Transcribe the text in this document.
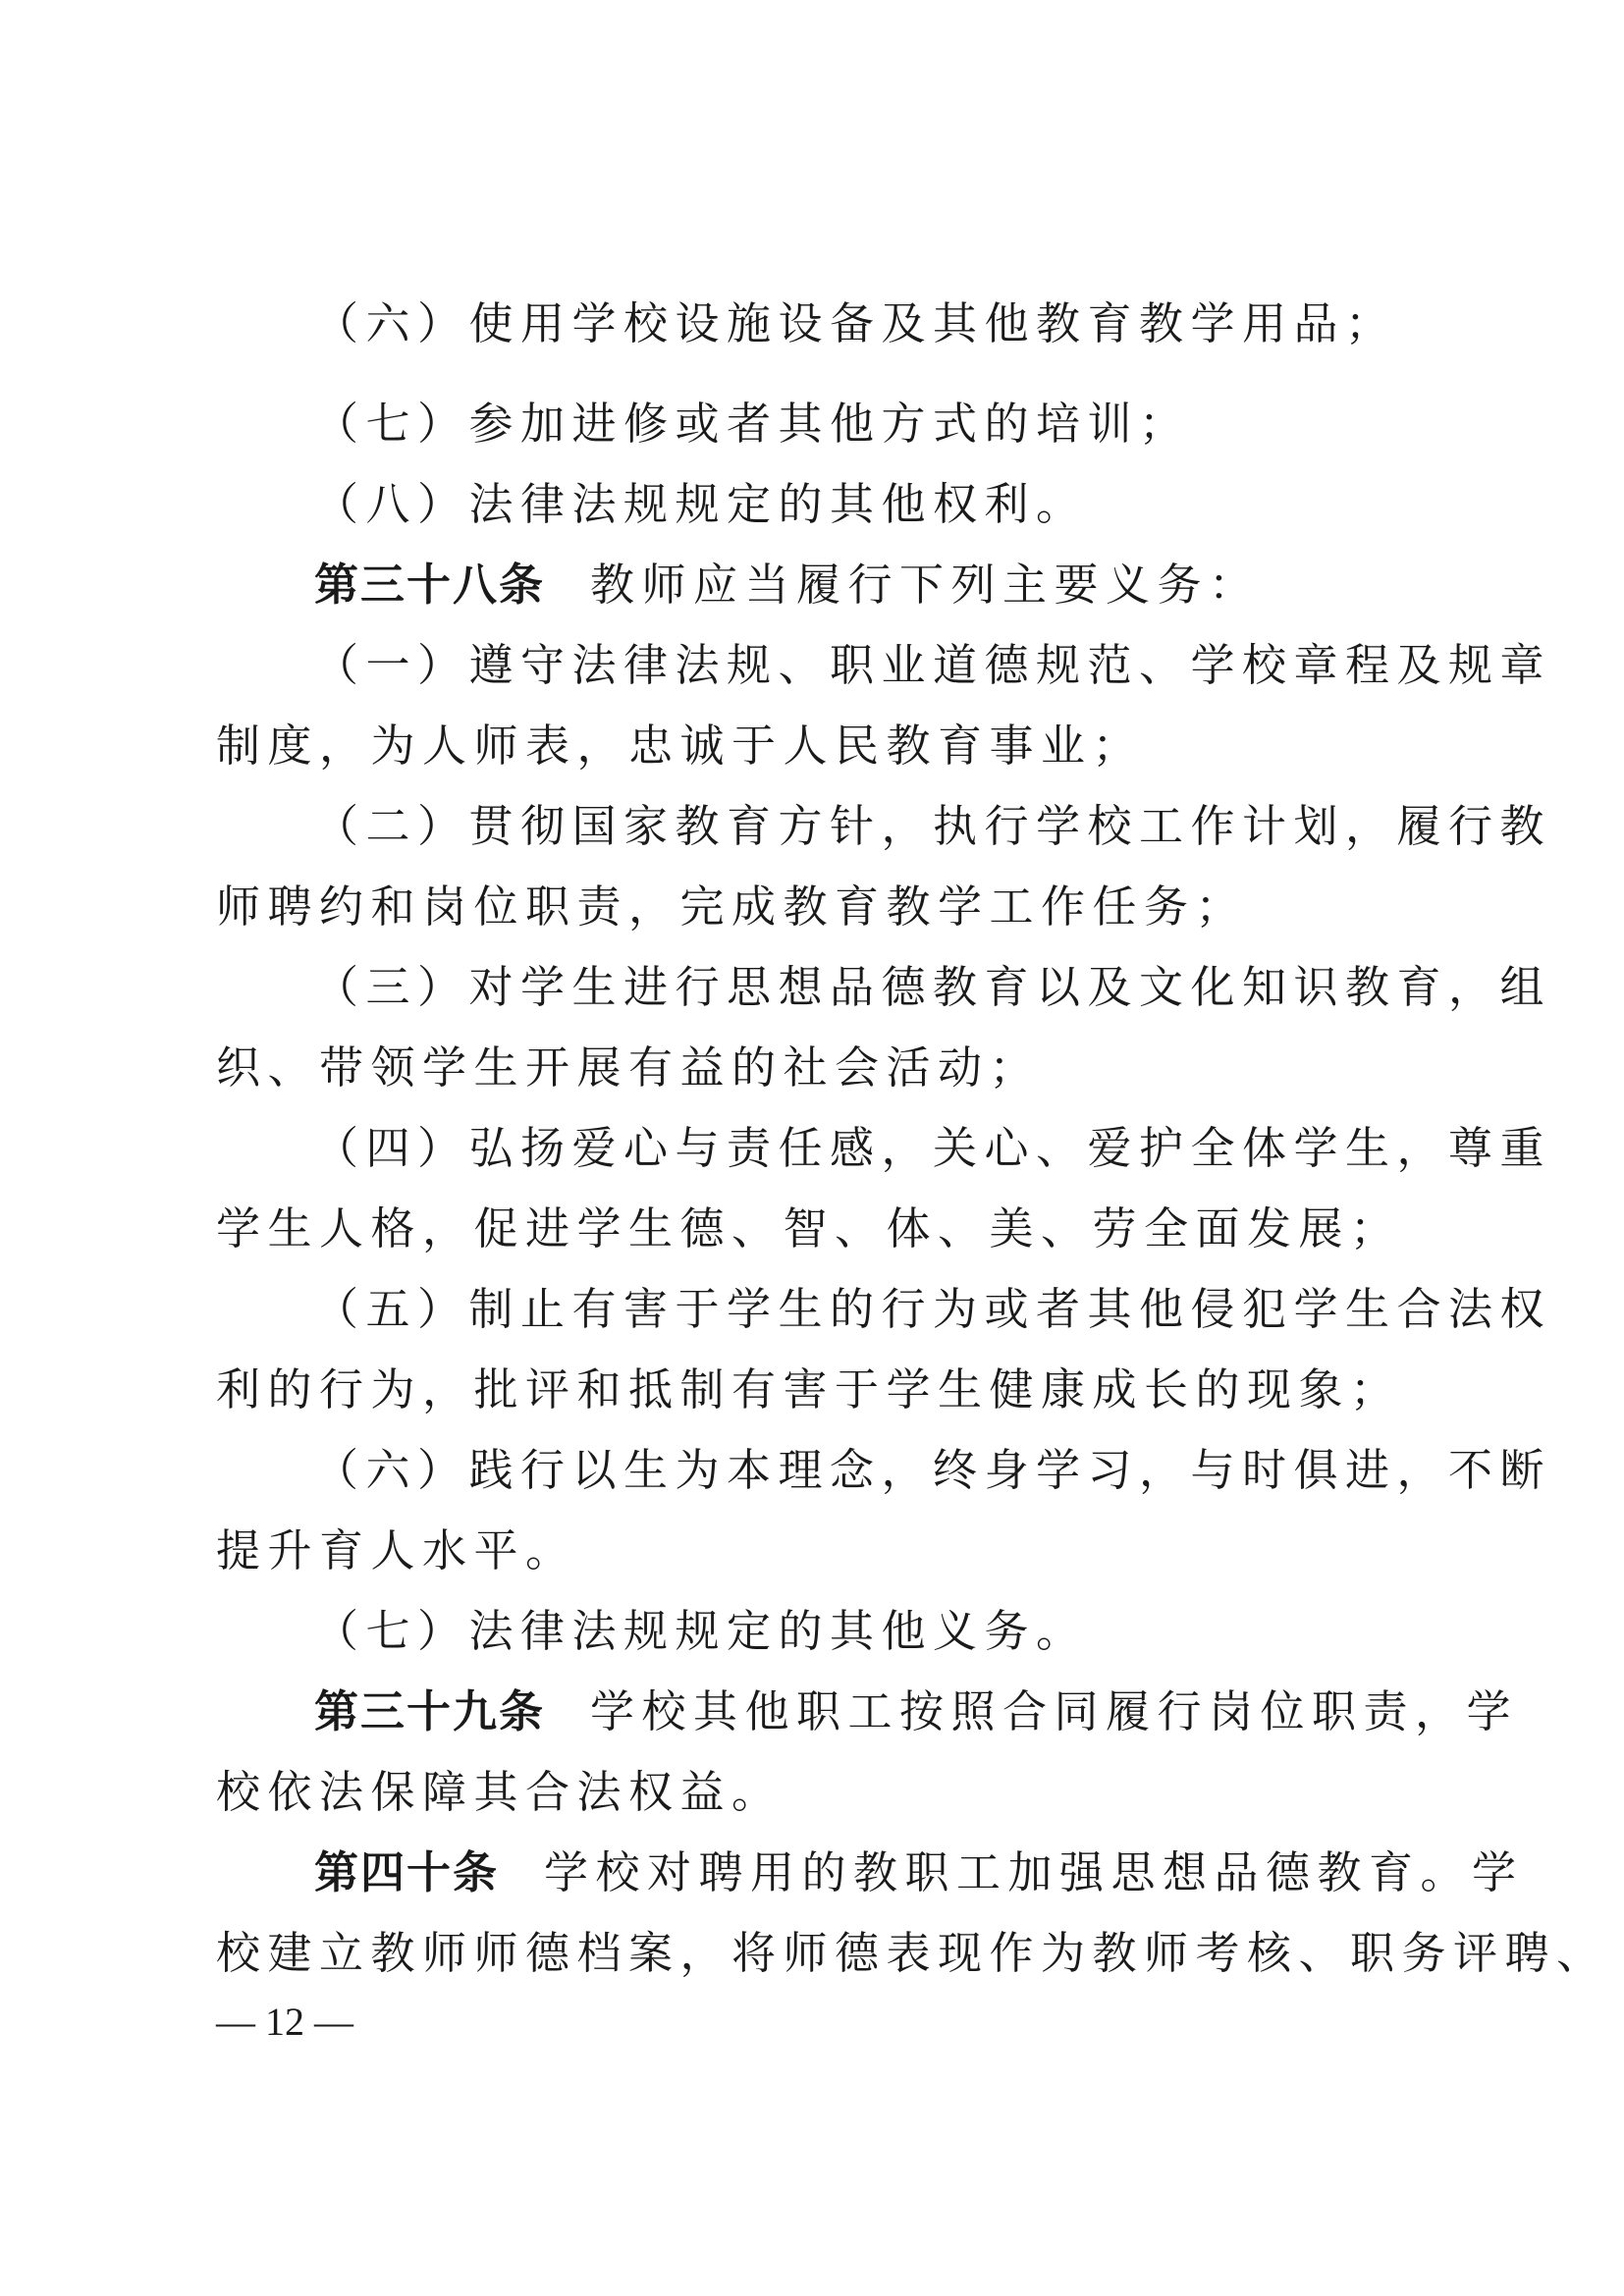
（六）使用学校设施设备及其他教育教学用品；
（七）参加进修或者其他方式的培训；
（八）法律法规规定的其他权利。
第三十八条 教师应当履行下列主要义务：
（一）遵守法律法规、职业道德规范、学校章程及规章
制度，为人师表，忠诚于人民教育事业；
（二）贯彻国家教育方针，执行学校工作计划，履行教
师聘约和岗位职责，完成教育教学工作任务；
（三）对学生进行思想品德教育以及文化知识教育，组
织、带领学生开展有益的社会活动；
（四）弘扬爱心与责任感，关心、爱护全体学生，尊重
学生人格，促进学生德、智、体、美、劳全面发展；
（五）制止有害于学生的行为或者其他侵犯学生合法权
利的行为，批评和抵制有害于学生健康成长的现象；
（六）践行以生为本理念，终身学习，与时俱进，不断
提升育人水平。
（七）法律法规规定的其他义务。
第三十九条 学校其他职工按照合同履行岗位职责，学
校依法保障其合法权益。
第四十条 学校对聘用的教职工加强思想品德教育。学
校建立教师师德档案，将师德表现作为教师考核、职务评聘、
— 12 —
